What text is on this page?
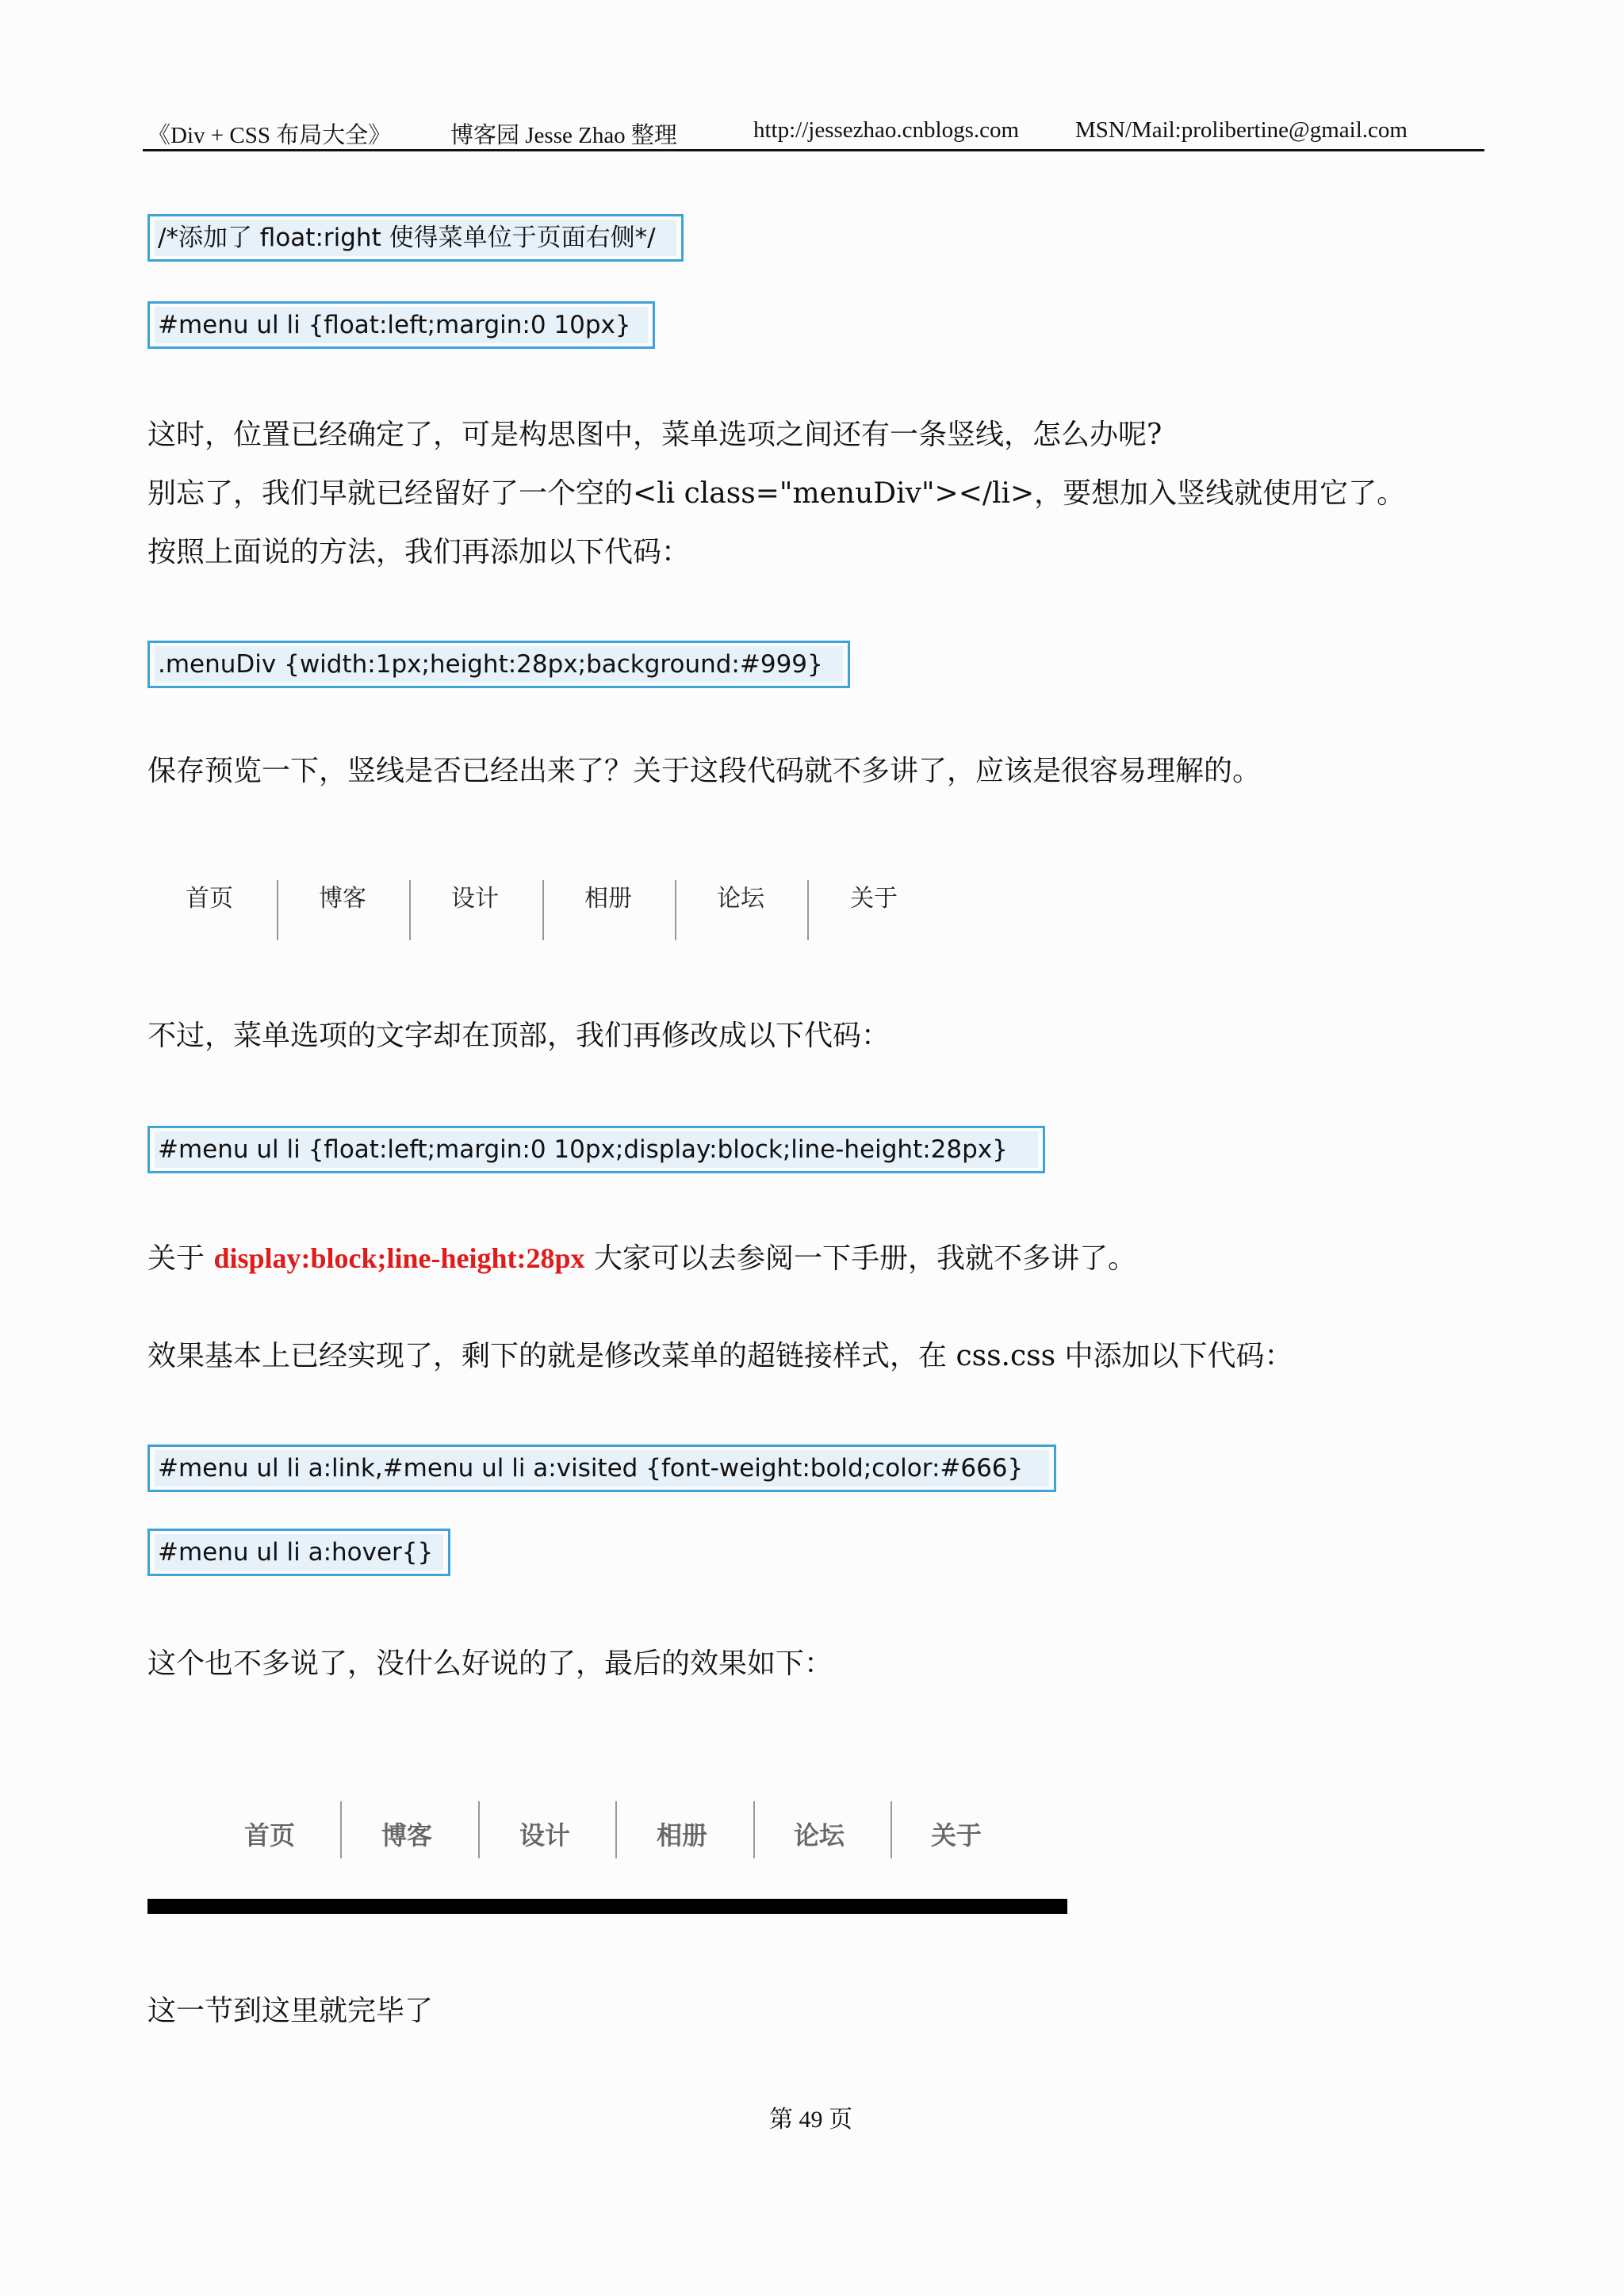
《Div + CSS 布局大全》	博客园 Jesse Zhao 整理	http://jessezhao.cnblogs.com MSN/Mail:prolibertine@gmail.com
/*添加了 float:right 使得菜单位于页面右侧*/
#menu ul li {float:left;margin:0 10px}
这时，位置已经确定了，可是构思图中，菜单选项之间还有一条竖线，怎么办呢?
别忘了，我们早就已经留好了一个空的<li class="menuDiv"></li>，要想加入竖线就使用它了。
按照上面说的方法，我们再添加以下代码：
.menuDiv {width:1px;height:28px;background:#999}
保存预览一下，竖线是否已经出来了？关于这段代码就不多讲了，应该是很容易理解的。
首页	博客	设计	相册	论坛	关于
不过，菜单选项的文字却在顶部，我们再修改成以下代码：
#menu ul li {float:left;margin:0 10px;display:block;line-height:28px}
关于 display:block;line-height:28px 大家可以去参阅一下手册，我就不多讲了。
效果基本上已经实现了，剩下的就是修改菜单的超链接样式，在 css.css 中添加以下代码：
#menu ul li a:link,#menu ul li a:visited {font-weight:bold;color:#666}
#menu ul li a:hover{}
这个也不多说了，没什么好说的了，最后的效果如下：
首页	博客	设计	相册	论坛	关于
这一节到这里就完毕了
第 49 页
